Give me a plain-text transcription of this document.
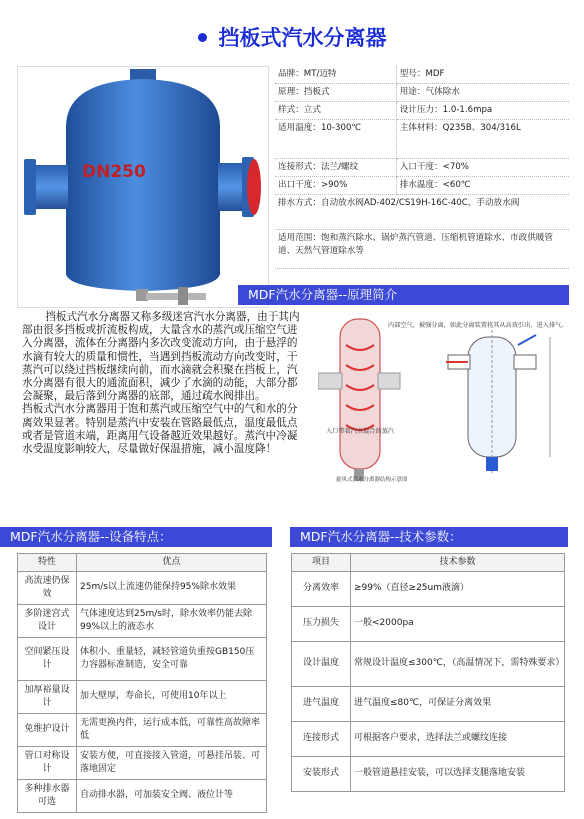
挡板式汽水分离器
DN250
品牌：MT/迈特	型号：MDF
原理：挡板式	用途：气体除水
样式：立式	设计压力：1.0-1.6mpa
适用温度：10-300℃	主体材料：Q235B、304/316L
连接形式：法兰/螺纹	入口干度：<70%
出口干度：>90%	排水温度：<60℃
排水方式：自动放水阀AD-402/CS19H-16C-40C，手动放水阀	
适用范围：饱和蒸汽除水、锅炉蒸汽管道、压缩机管道除水、市政供暖管道、天然气管道除水等	
MDF汽水分离器--原理简介

挡板式汽水分离器又称多级迷宫汽水分离器，由于其内部由很多挡板或折流板构成，大量含水的蒸汽或压缩空气进入分离器，流体在分离器内多次改变流动方向，由于悬浮的水滴有较大的质量和惯性，当遇到挡板流动方向改变时，干蒸汽可以绕过挡板继续向前，而水滴就会积聚在挡板上，汽水分离器有很大的通流面积，减少了水滴的动能，大部分都会凝聚，最后落到分离器的底部，通过疏水阀排出。

挡板式汽水分离器用于饱和蒸汽或压缩空气中的气和水的分离效果显著。特别是蒸汽中安装在管路最低点，温度最低点或者是管道末端，距离用气设备越近效果越好。蒸汽中冷凝水受温度影响较大，尽量做好保温措施，减小温度降！

内部空气，被强分离，如此分离装置将其从高效引出，进入排气。
入口带着汽水混合的蒸汽
旋风式汽水分离器结构示意图
MDF汽水分离器--设备特点：	MDF汽水分离器--技术参数：
特性	优点
高流速仍保效	25m/s以上流速仍能保持95%除水效果
多阶迷宫式设计	气体速度达到25m/s时，除水效率仍能去除99%以上的液态水
空间紧压设计	体积小、重量轻，减轻管道负重按GB150压力容器标准制造，安全可靠
加厚裕量设计	加大壁厚，寿命长，可使用10年以上
免维护设计	无需更换内件，运行成本低，可靠性高故障率低
管口对称设计	安装方便，可直接接入管道，可悬挂吊装、可落地固定
多种排水器可选	自动排水器，可加装安全阀、液位计等
项目	技术参数
分离效率	≥99%（直径≥25um液滴）
压力损失	一般<2000pa
设计温度	常规设计温度≤300℃，（高温情况下，需特殊要求）
进气温度	进气温度≤80℃，可保证分离效果
连接形式	可根据客户要求，选择法兰或螺纹连接
安装形式	一般管道悬挂安装，可以选择支腿落地安装
